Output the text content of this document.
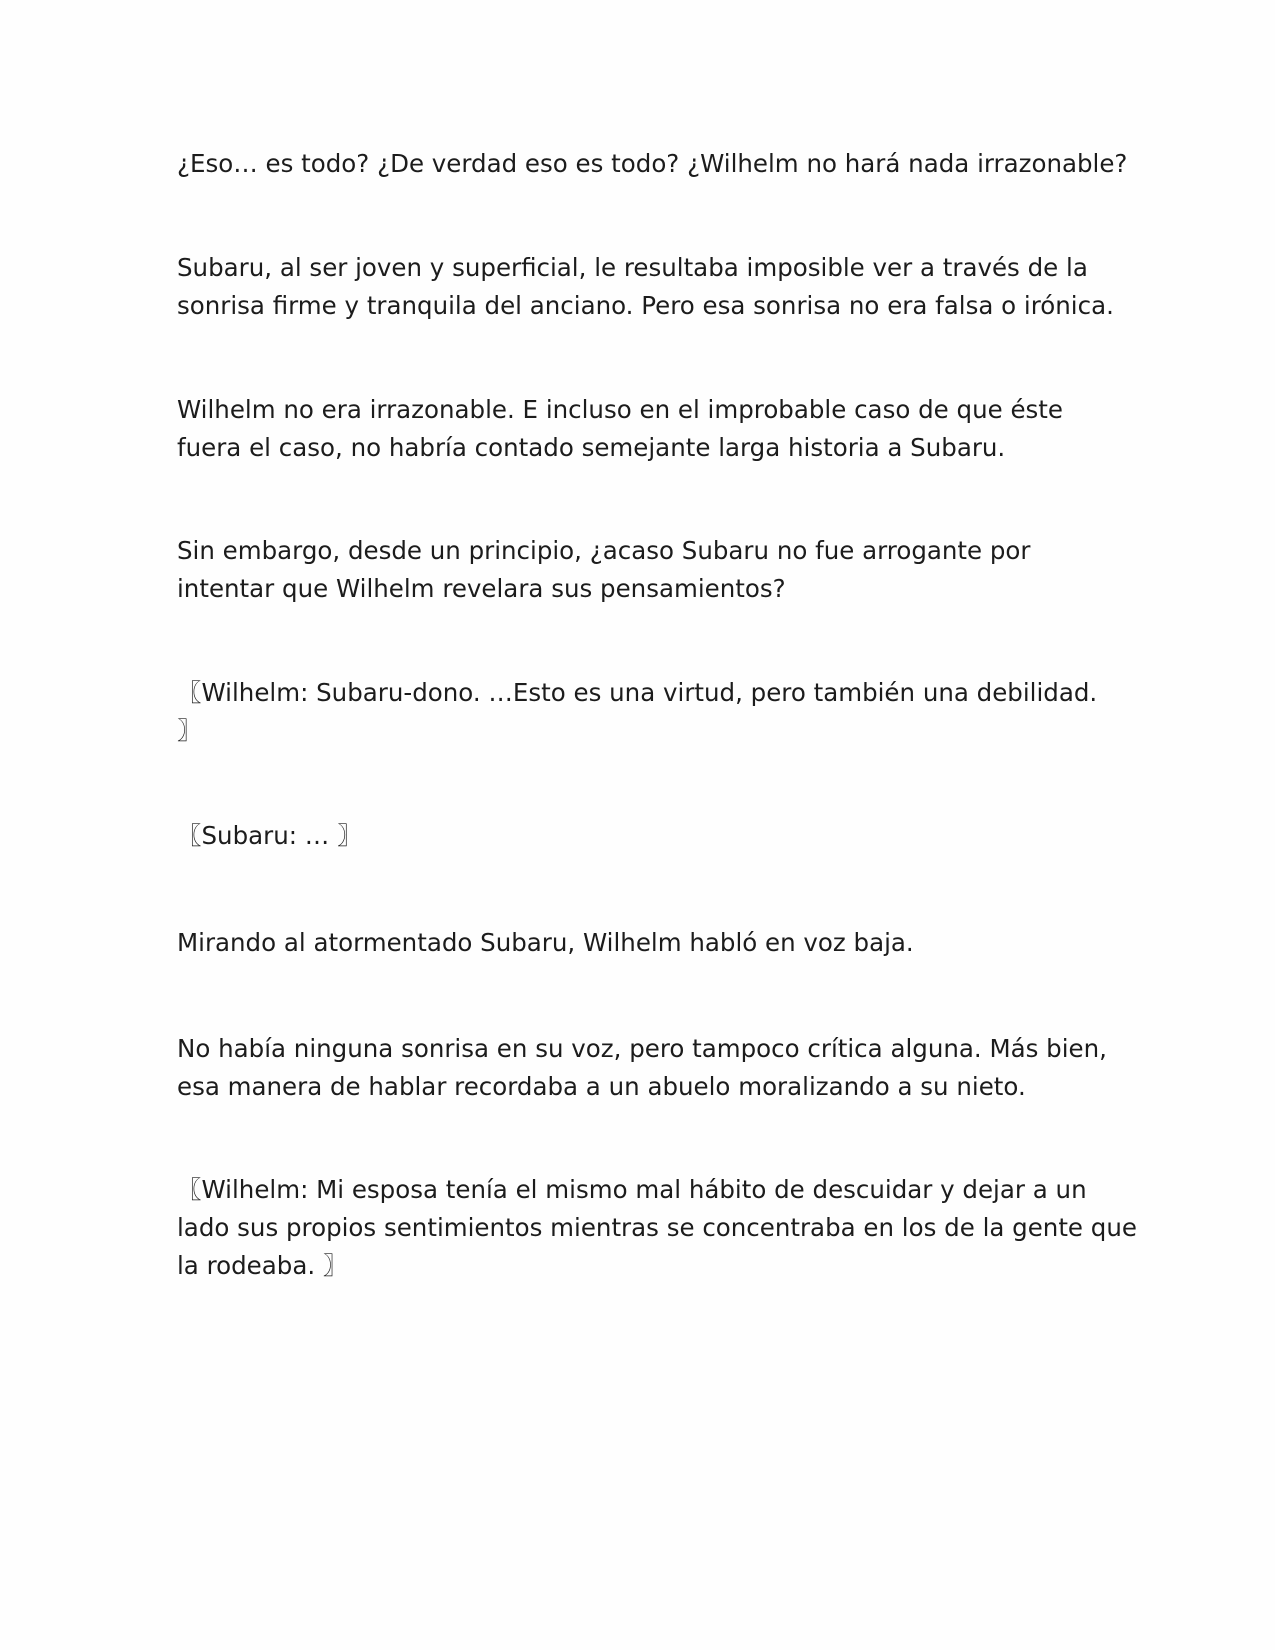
¿Eso… es todo? ¿De verdad eso es todo? ¿Wilhelm no hará nada irrazonable?

Subaru, al ser joven y superficial, le resultaba imposible ver a través de la
sonrisa firme y tranquila del anciano. Pero esa sonrisa no era falsa o irónica.

Wilhelm no era irrazonable. E incluso en el improbable caso de que éste
fuera el caso, no habría contado semejante larga historia a Subaru.

Sin embargo, desde un principio, ¿acaso Subaru no fue arrogante por
intentar que Wilhelm revelara sus pensamientos?

〖Wilhelm: Subaru-dono. …Esto es una virtud, pero también una debilidad.
〗

〖Subaru: … 〗

Mirando al atormentado Subaru, Wilhelm habló en voz baja.

No había ninguna sonrisa en su voz, pero tampoco crítica alguna. Más bien,
esa manera de hablar recordaba a un abuelo moralizando a su nieto.

〖Wilhelm: Mi esposa tenía el mismo mal hábito de descuidar y dejar a un
lado sus propios sentimientos mientras se concentraba en los de la gente que
la rodeaba. 〗
